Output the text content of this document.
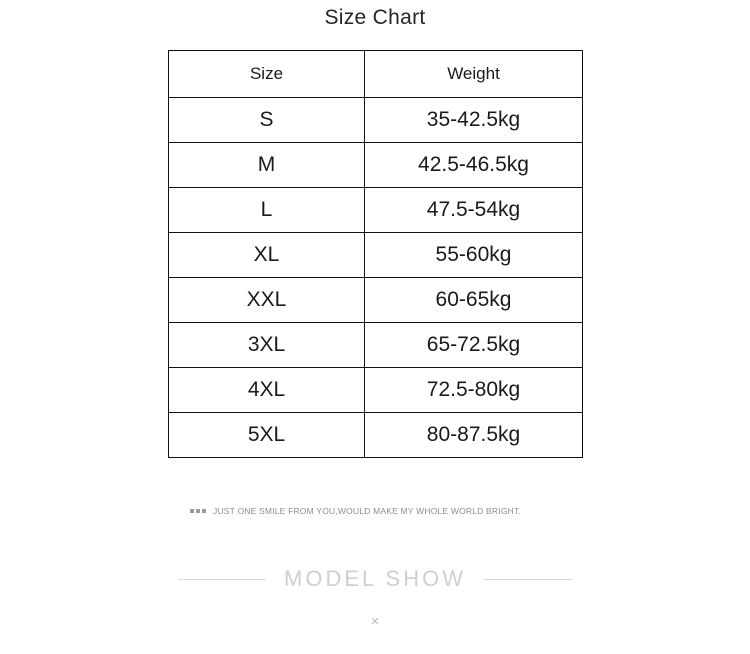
Size Chart
Size	Weight
S	35-42.5kg
M	42.5-46.5kg
L	47.5-54kg
XL	55-60kg
XXL	60-65kg
3XL	65-72.5kg
4XL	72.5-80kg
5XL	80-87.5kg
JUST ONE SMILE FROM YOU,WOULD MAKE MY WHOLE WORLD BRIGHT.
MODEL SHOW
×
